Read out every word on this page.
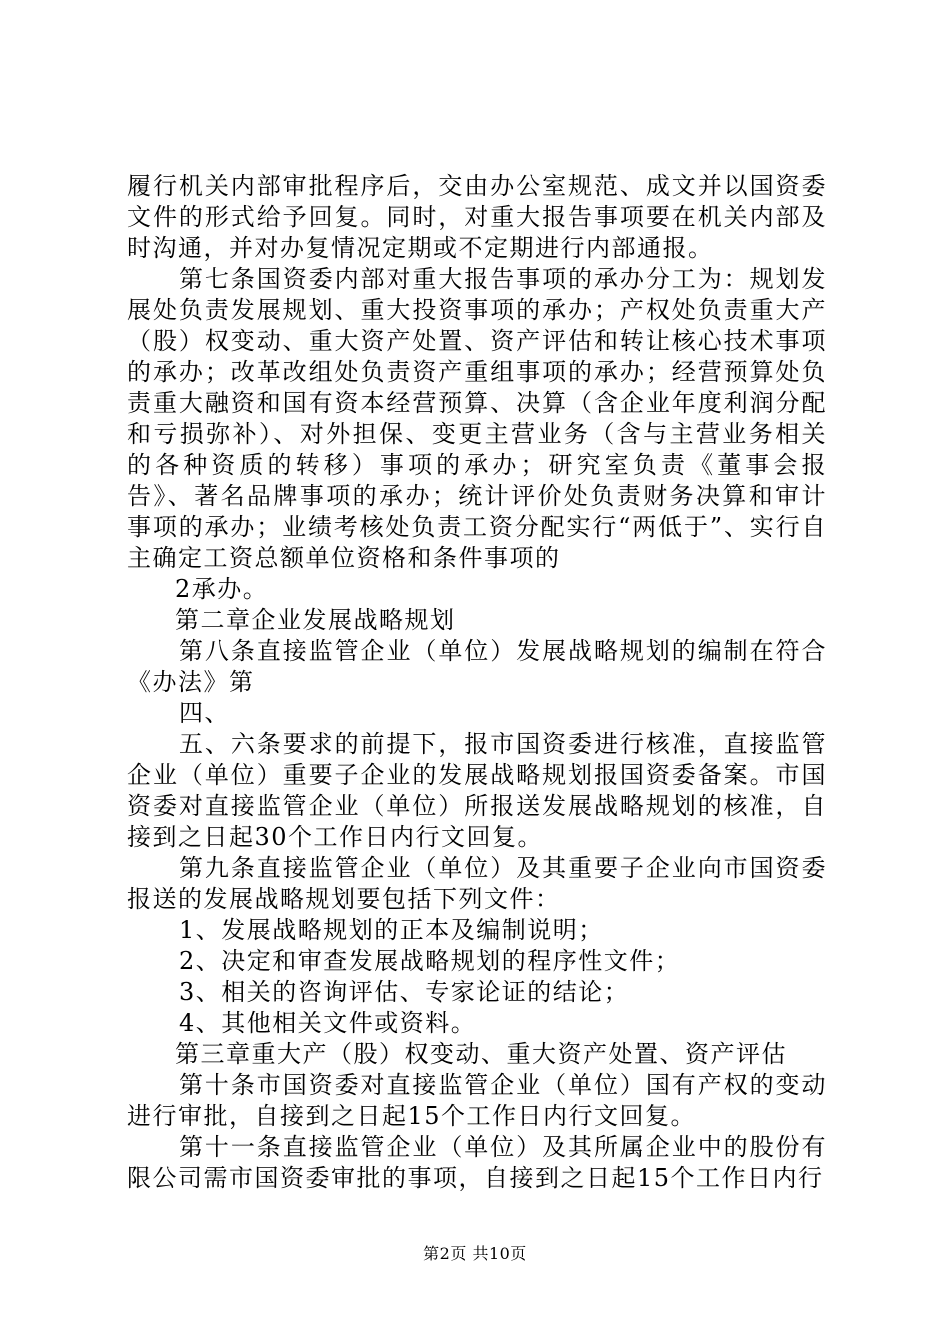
履行机关内部审批程序后，交由办公室规范、成文并以国资委文件的形式给予回复。同时，对重大报告事项要在机关内部及时沟通，并对办复情况定期或不定期进行内部通报。

第七条国资委内部对重大报告事项的承办分工为：规划发展处负责发展规划、重大投资事项的承办；产权处负责重大产（股）权变动、重大资产处置、资产评估和转让核心技术事项的承办；改革改组处负责资产重组事项的承办；经营预算处负责重大融资和国有资本经营预算、决算（含企业年度利润分配和亏损弥补）、对外担保、变更主营业务（含与主营业务相关的各种资质的转移）事项的承办；研究室负责《董事会报告》、著名品牌事项的承办；统计评价处负责财务决算和审计事项的承办；业绩考核处负责工资分配实行“两低于”、实行自主确定工资总额单位资格和条件事项的

2承办。

第二章企业发展战略规划

第八条直接监管企业（单位）发展战略规划的编制在符合《办法》第

四、

五、六条要求的前提下，报市国资委进行核准，直接监管企业（单位）重要子企业的发展战略规划报国资委备案。市国资委对直接监管企业（单位）所报送发展战略规划的核准，自接到之日起30个工作日内行文回复。

第九条直接监管企业（单位）及其重要子企业向市国资委报送的发展战略规划要包括下列文件：

1、发展战略规划的正本及编制说明；

2、决定和审查发展战略规划的程序性文件；

3、相关的咨询评估、专家论证的结论；

4、其他相关文件或资料。

第三章重大产（股）权变动、重大资产处置、资产评估

第十条市国资委对直接监管企业（单位）国有产权的变动进行审批，自接到之日起15个工作日内行文回复。

第十一条直接监管企业（单位）及其所属企业中的股份有限公司需市国资委审批的事项，自接到之日起15个工作日内行

第2页 共10页
